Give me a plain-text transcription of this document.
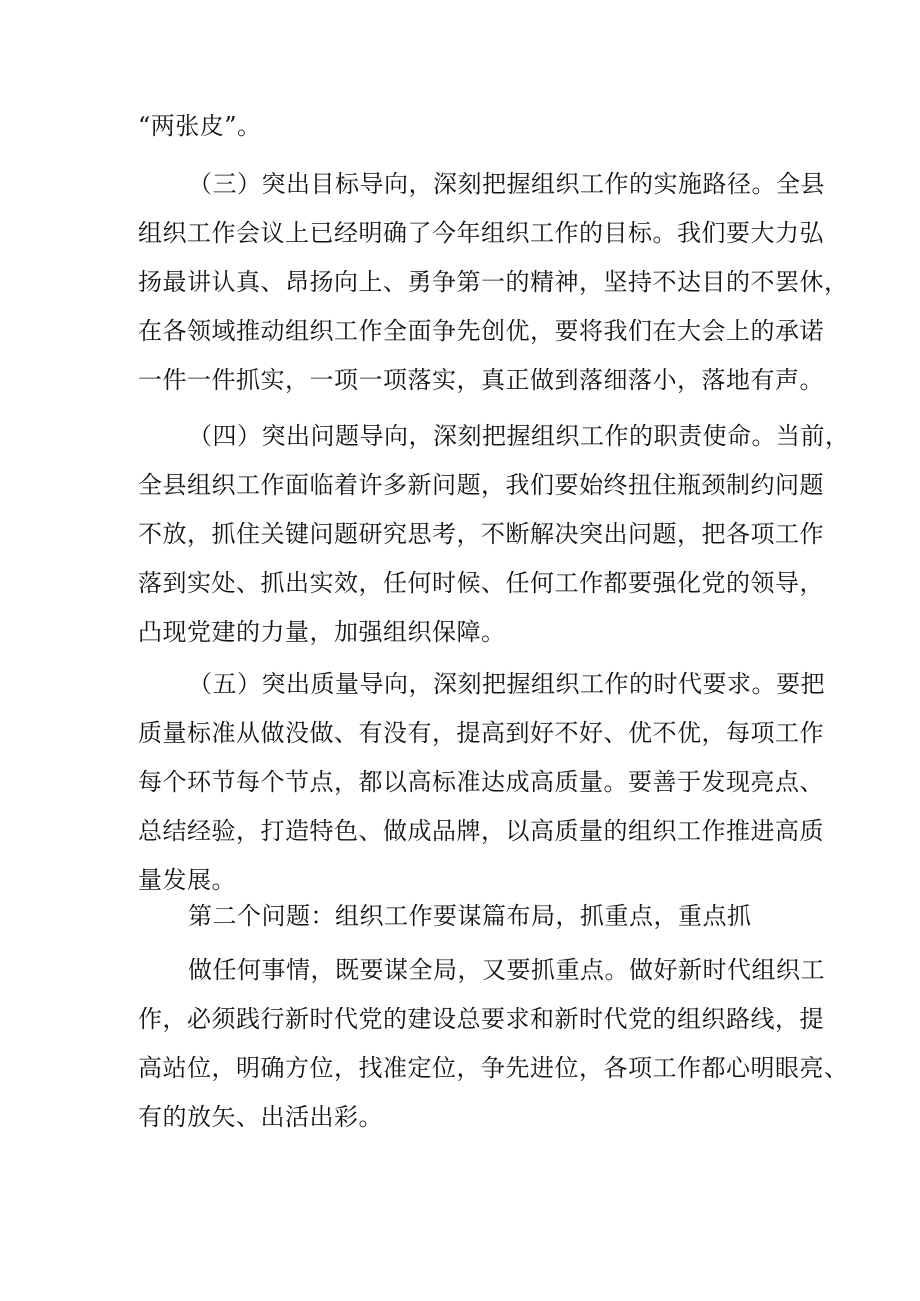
“两张皮”。
（三）突出目标导向，深刻把握组织工作的实施路径。全县
组织工作会议上已经明确了今年组织工作的目标。我们要大力弘
扬最讲认真、昂扬向上、勇争第一的精神，坚持不达目的不罢休，
在各领域推动组织工作全面争先创优，要将我们在大会上的承诺
一件一件抓实，一项一项落实，真正做到落细落小，落地有声。
（四）突出问题导向，深刻把握组织工作的职责使命。当前，
全县组织工作面临着许多新问题，我们要始终扭住瓶颈制约问题
不放，抓住关键问题研究思考，不断解决突出问题，把各项工作
落到实处、抓出实效，任何时候、任何工作都要强化党的领导，
凸现党建的力量，加强组织保障。
（五）突出质量导向，深刻把握组织工作的时代要求。要把
质量标准从做没做、有没有，提高到好不好、优不优，每项工作
每个环节每个节点，都以高标准达成高质量。要善于发现亮点、
总结经验，打造特色、做成品牌，以高质量的组织工作推进高质
量发展。
第二个问题：组织工作要谋篇布局，抓重点，重点抓
做任何事情，既要谋全局，又要抓重点。做好新时代组织工
作，必须践行新时代党的建设总要求和新时代党的组织路线，提
高站位，明确方位，找准定位，争先进位，各项工作都心明眼亮、
有的放矢、出活出彩。
